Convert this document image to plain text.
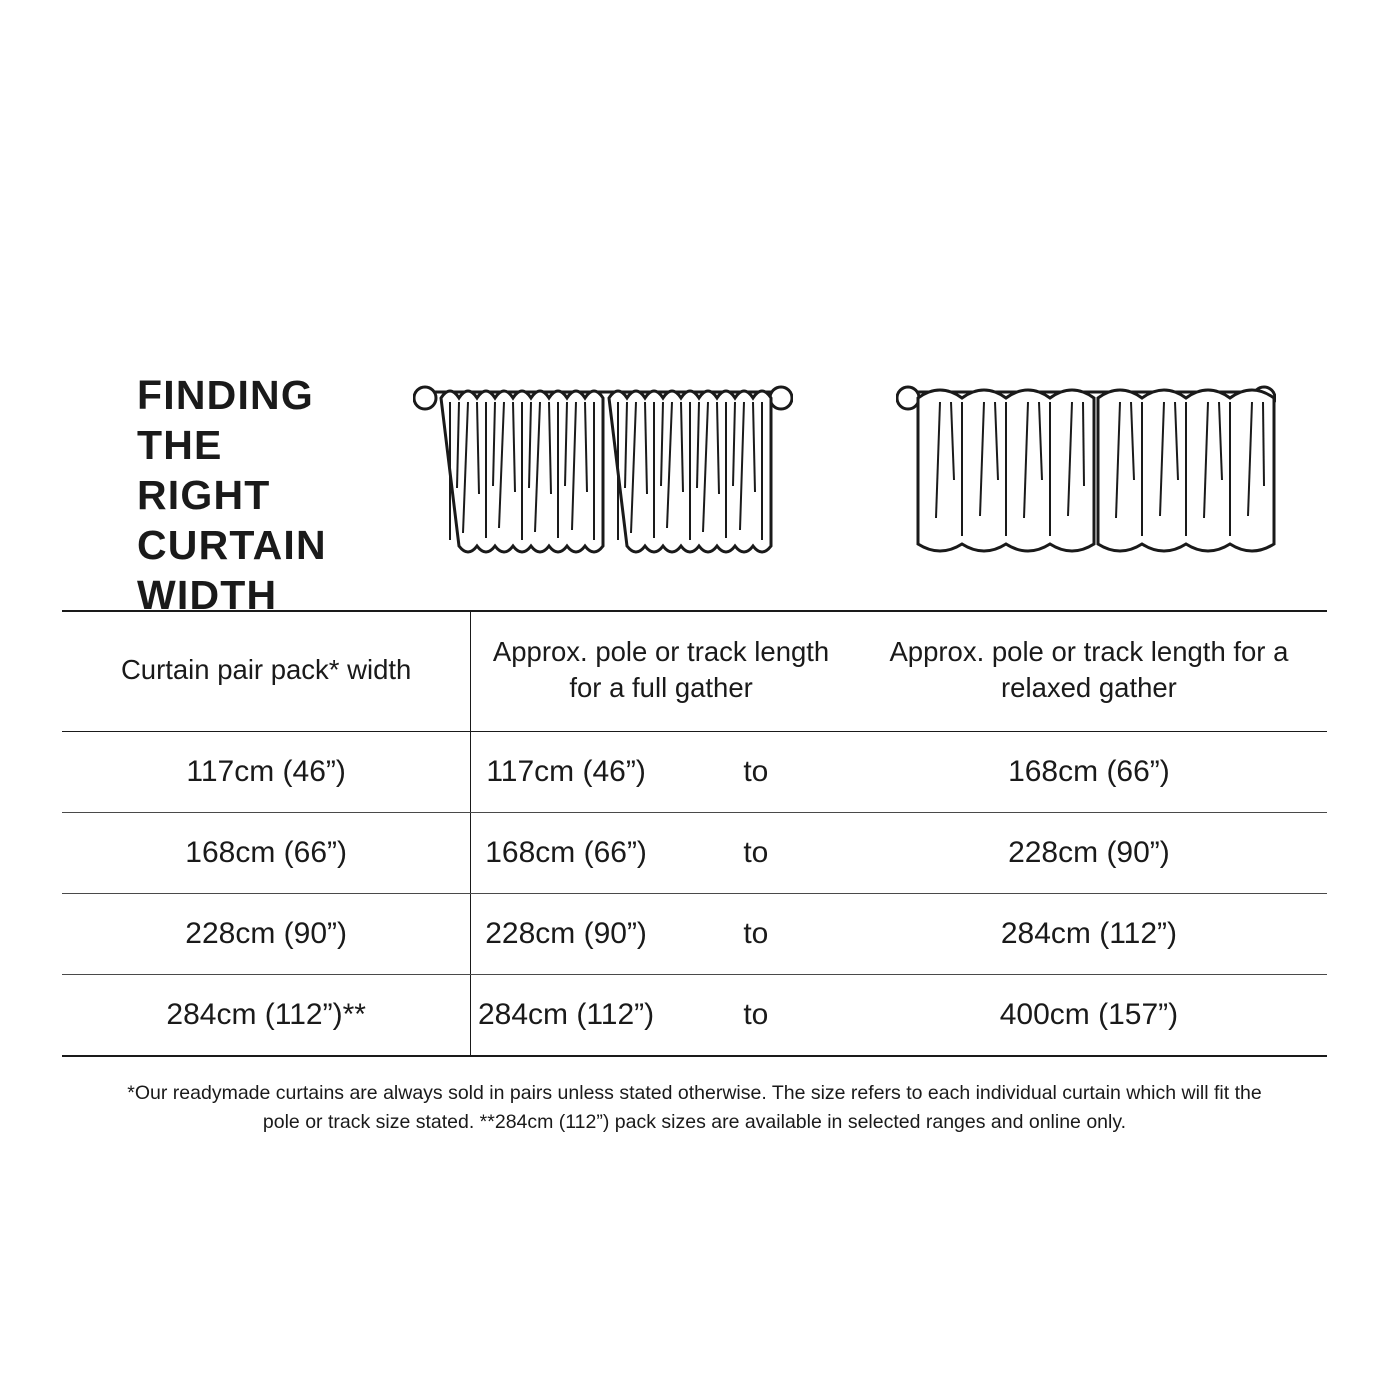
FINDING THE RIGHT CURTAIN WIDTH
Curtain pair pack* width	Approx. pole or track length for a full gather		Approx. pole or track length for a relaxed gather
117cm (46”)	117cm (46”)	to	168cm (66”)
168cm (66”)	168cm (66”)	to	228cm (90”)
228cm (90”)	228cm (90”)	to	284cm (112”)
284cm (112”)**	284cm (112”)	to	400cm (157”)
*Our readymade curtains are always sold in pairs unless stated otherwise. The size refers to each individual curtain which will fit the pole or track size stated. **284cm (112”) pack sizes are available in selected ranges and online only.
